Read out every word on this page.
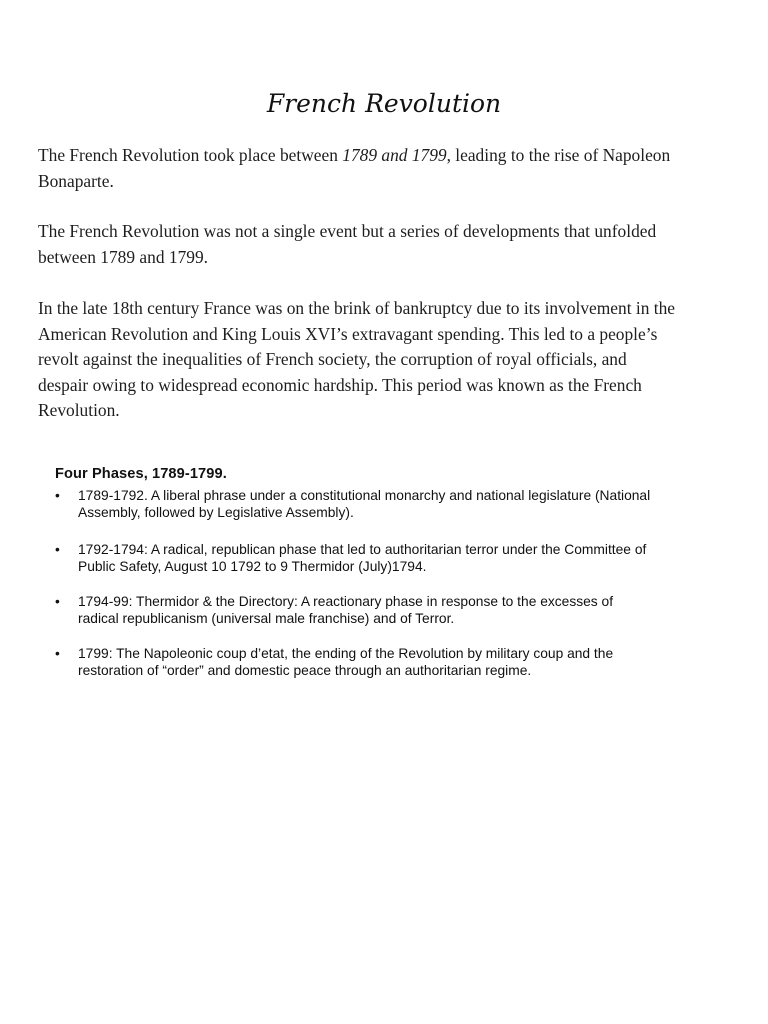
French Revolution

The French Revolution took place between 1789 and 1799, leading to the rise of Napoleon Bonaparte.

The French Revolution was not a single event but a series of developments that unfolded between 1789 and 1799.

In the late 18th century France was on the brink of bankruptcy due to its involvement in the American Revolution and King Louis XVI’s extravagant spending. This led to a people’s revolt against the inequalities of French society, the corruption of royal officials, and despair owing to widespread economic hardship. This period was known as the French Revolution.

Four Phases, 1789-1799.
•	1789-1792. A liberal phrase under a constitutional monarchy and national legislature (National Assembly, followed by Legislative Assembly).
•	1792-1794: A radical, republican phase that led to authoritarian terror under the Committee of Public Safety, August 10 1792 to 9 Thermidor (July)1794.
•	1794-99: Thermidor & the Directory: A reactionary phase in response to the excesses of radical republicanism (universal male franchise) and of Terror.
•	1799: The Napoleonic coup d’etat, the ending of the Revolution by military coup and the restoration of “order” and domestic peace through an authoritarian regime.
